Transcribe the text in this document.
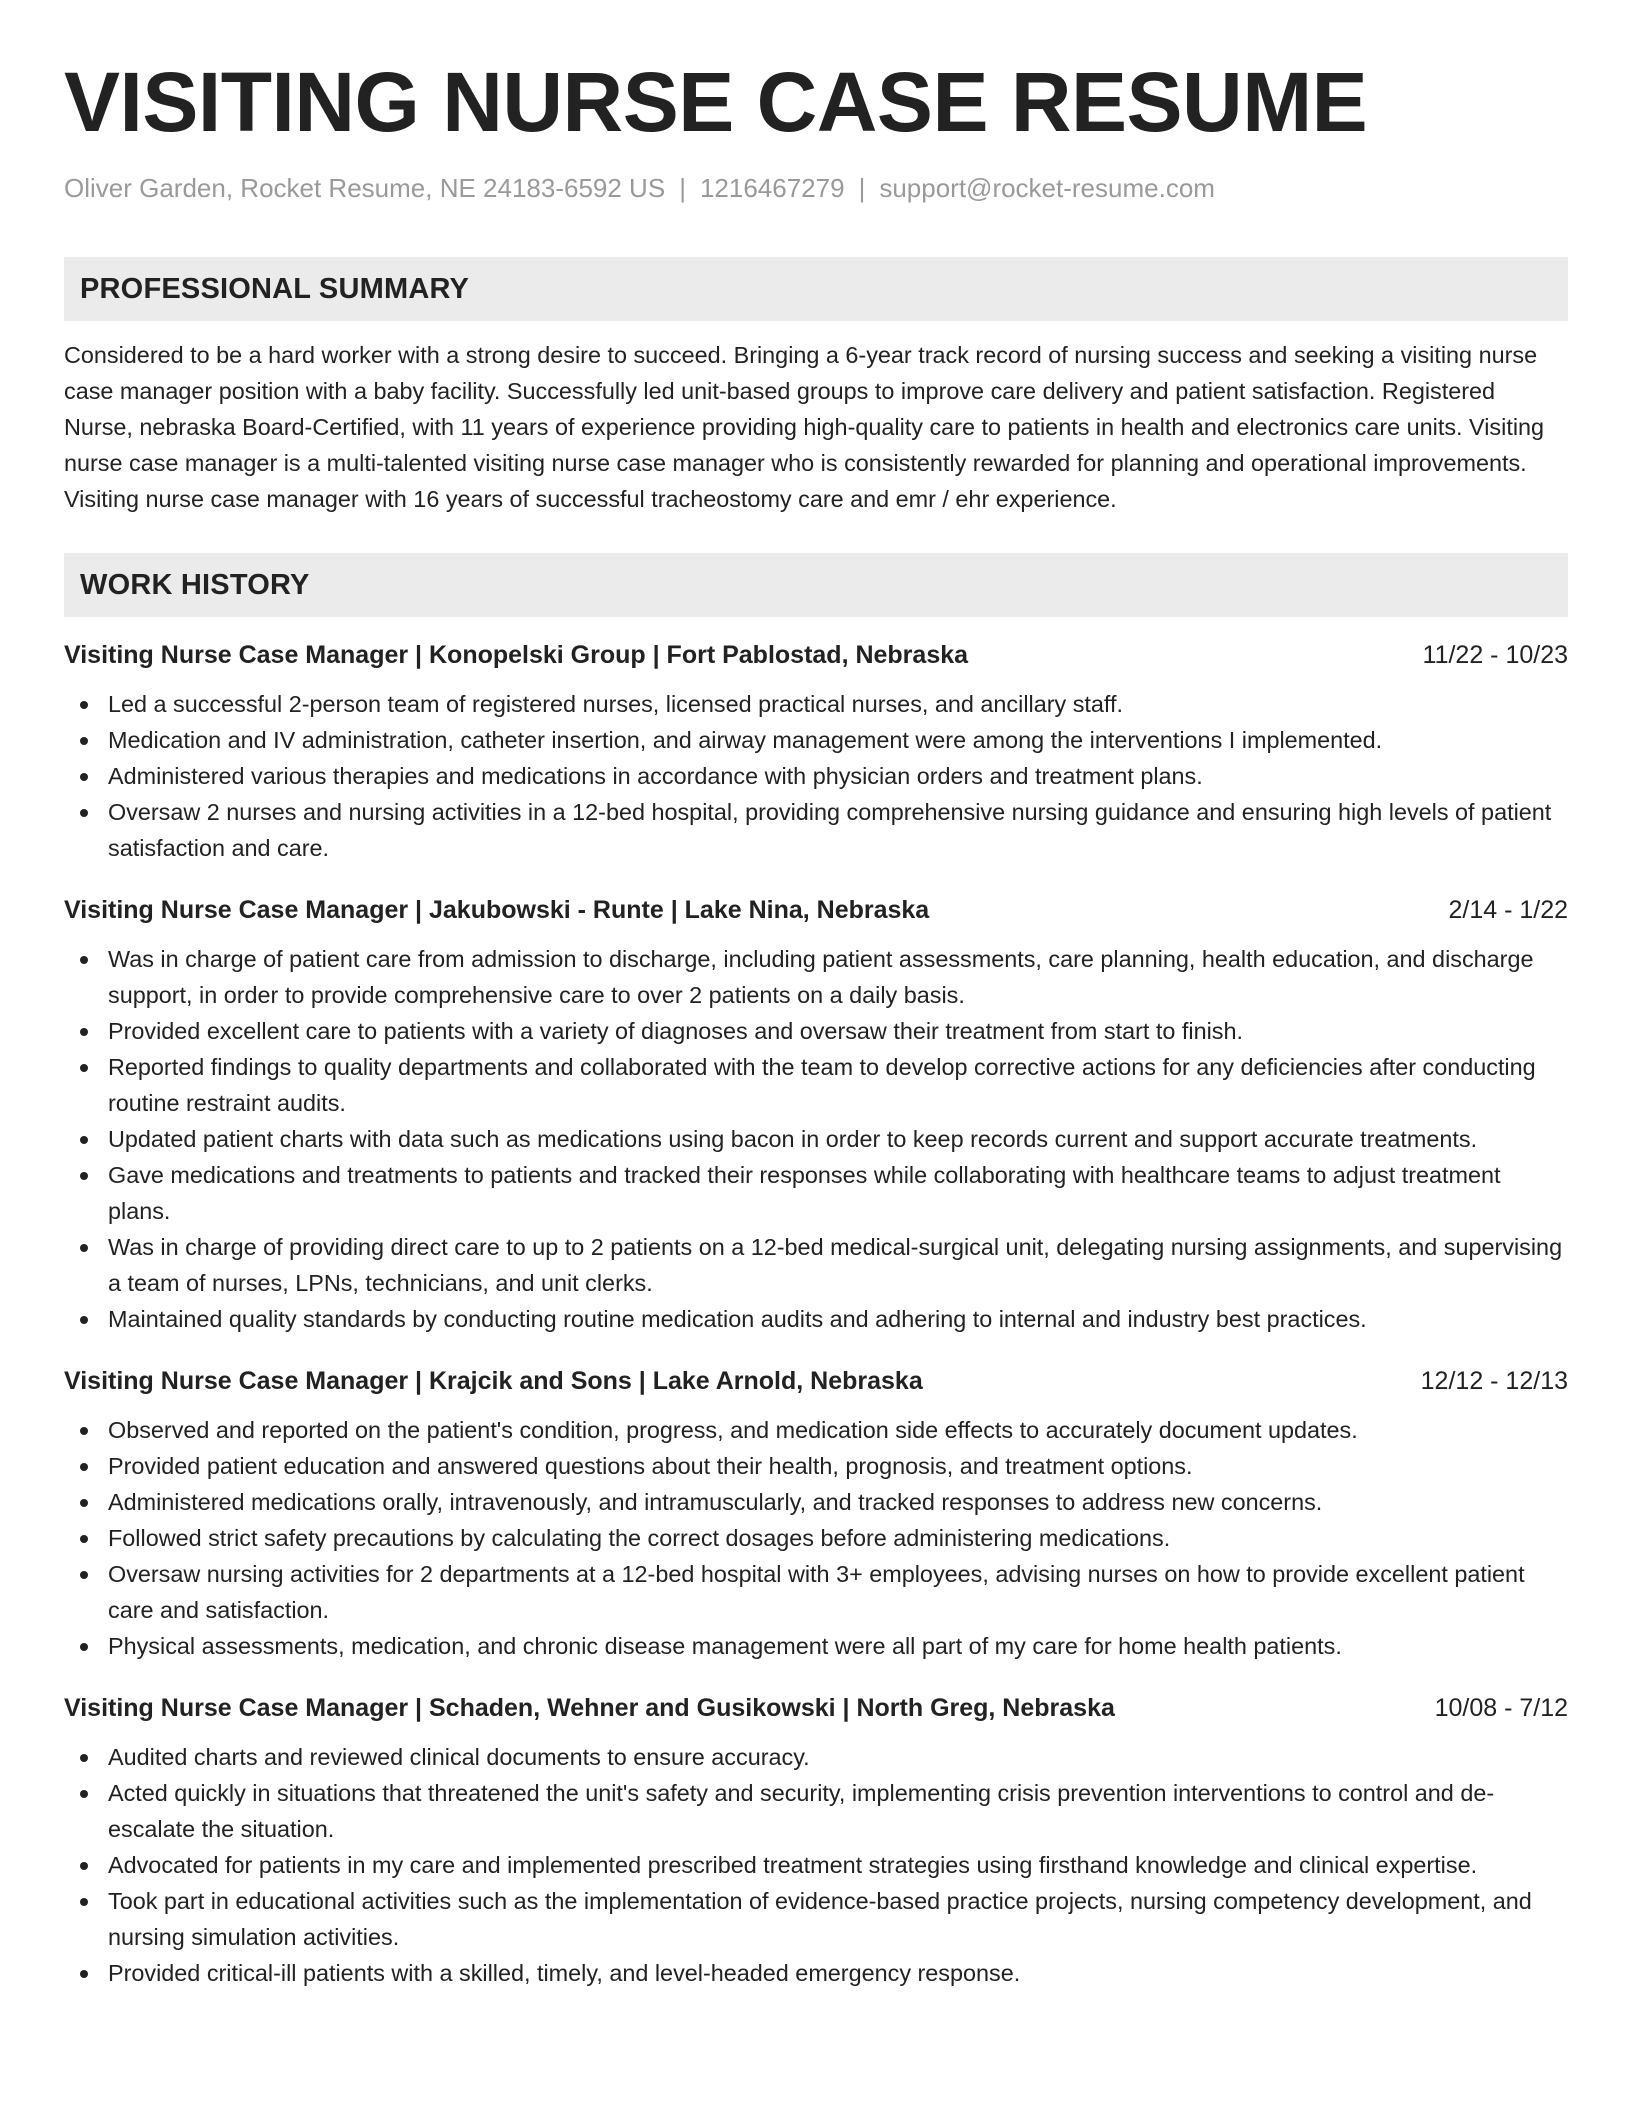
VISITING NURSE CASE RESUME
Oliver Garden, Rocket Resume, NE 24183-6592 US | 1216467279 | support@rocket-resume.com
PROFESSIONAL SUMMARY

Considered to be a hard worker with a strong desire to succeed. Bringing a 6-year track record of nursing success and seeking a visiting nurse case manager position with a baby facility. Successfully led unit-based groups to improve care delivery and patient satisfaction. Registered Nurse, nebraska Board-Certified, with 11 years of experience providing high-quality care to patients in health and electronics care units. Visiting nurse case manager is a multi-talented visiting nurse case manager who is consistently rewarded for planning and operational improvements. Visiting nurse case manager with 16 years of successful tracheostomy care and emr / ehr experience.

WORK HISTORY
Visiting Nurse Case Manager | Konopelski Group | Fort Pablostad, Nebraska	11/22 - 10/23
Led a successful 2-person team of registered nurses, licensed practical nurses, and ancillary staff.
Medication and IV administration, catheter insertion, and airway management were among the interventions I implemented.
Administered various therapies and medications in accordance with physician orders and treatment plans.
Oversaw 2 nurses and nursing activities in a 12-bed hospital, providing comprehensive nursing guidance and ensuring high levels of patient satisfaction and care.
Visiting Nurse Case Manager | Jakubowski - Runte | Lake Nina, Nebraska	2/14 - 1/22
Was in charge of patient care from admission to discharge, including patient assessments, care planning, health education, and discharge support, in order to provide comprehensive care to over 2 patients on a daily basis.
Provided excellent care to patients with a variety of diagnoses and oversaw their treatment from start to finish.
Reported findings to quality departments and collaborated with the team to develop corrective actions for any deficiencies after conducting routine restraint audits.
Updated patient charts with data such as medications using bacon in order to keep records current and support accurate treatments.
Gave medications and treatments to patients and tracked their responses while collaborating with healthcare teams to adjust treatment plans.
Was in charge of providing direct care to up to 2 patients on a 12-bed medical-surgical unit, delegating nursing assignments, and supervising a team of nurses, LPNs, technicians, and unit clerks.
Maintained quality standards by conducting routine medication audits and adhering to internal and industry best practices.
Visiting Nurse Case Manager | Krajcik and Sons | Lake Arnold, Nebraska	12/12 - 12/13
Observed and reported on the patient's condition, progress, and medication side effects to accurately document updates.
Provided patient education and answered questions about their health, prognosis, and treatment options.
Administered medications orally, intravenously, and intramuscularly, and tracked responses to address new concerns.
Followed strict safety precautions by calculating the correct dosages before administering medications.
Oversaw nursing activities for 2 departments at a 12-bed hospital with 3+ employees, advising nurses on how to provide excellent patient care and satisfaction.
Physical assessments, medication, and chronic disease management were all part of my care for home health patients.
Visiting Nurse Case Manager | Schaden, Wehner and Gusikowski | North Greg, Nebraska	10/08 - 7/12
Audited charts and reviewed clinical documents to ensure accuracy.
Acted quickly in situations that threatened the unit's safety and security, implementing crisis prevention interventions to control and de-escalate the situation.
Advocated for patients in my care and implemented prescribed treatment strategies using firsthand knowledge and clinical expertise.
Took part in educational activities such as the implementation of evidence-based practice projects, nursing competency development, and nursing simulation activities.
Provided critical-ill patients with a skilled, timely, and level-headed emergency response.
